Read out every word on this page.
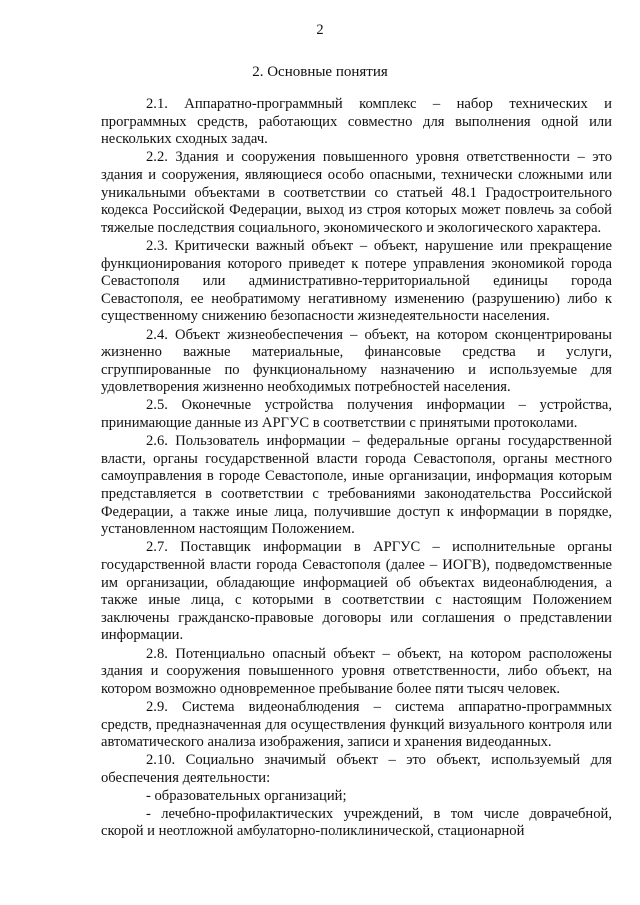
2
2. Основные понятия

2.1. Аппаратно-программный комплекс – набор технических и программных средств, работающих совместно для выполнения одной или нескольких сходных задач.

2.2. Здания и сооружения повышенного уровня ответственности – это здания и сооружения, являющиеся особо опасными, технически сложными или уникальными объектами в соответствии со статьей 48.1 Градостроительного кодекса Российской Федерации, выход из строя которых может повлечь за собой тяжелые последствия социального, экономического и экологического характера.

2.3. Критически важный объект – объект, нарушение или прекращение функционирования которого приведет к потере управления экономикой города Севастополя или административно-территориальной единицы города Севастополя, ее необратимому негативному изменению (разрушению) либо к существенному снижению безопасности жизнедеятельности населения.

2.4. Объект жизнеобеспечения – объект, на котором сконцентрированы жизненно важные материальные, финансовые средства и услуги, сгруппированные по функциональному назначению и используемые для удовлетворения жизненно необходимых потребностей населения.

2.5. Оконечные устройства получения информации – устройства, принимающие данные из АРГУС в соответствии с принятыми протоколами.

2.6. Пользователь информации – федеральные органы государственной власти, органы государственной власти города Севастополя, органы местного самоуправления в городе Севастополе, иные организации, информация которым представляется в соответствии с требованиями законодательства Российской Федерации, а также иные лица, получившие доступ к информации в порядке, установленном настоящим Положением.

2.7. Поставщик информации в АРГУС – исполнительные органы государственной власти города Севастополя (далее – ИОГВ), подведомственные им организации, обладающие информацией об объектах видеонаблюдения, а также иные лица, с которыми в соответствии с настоящим Положением заключены гражданско-правовые договоры или соглашения о представлении информации.

2.8. Потенциально опасный объект – объект, на котором расположены здания и сооружения повышенного уровня ответственности, либо объект, на котором возможно одновременное пребывание более пяти тысяч человек.

2.9. Система видеонаблюдения – система аппаратно-программных средств, предназначенная для осуществления функций визуального контроля или автоматического анализа изображения, записи и хранения видеоданных.

2.10. Социально значимый объект – это объект, используемый для обеспечения деятельности:

- образовательных организаций;

- лечебно-профилактических учреждений, в том числе доврачебной, скорой и неотложной амбулаторно-поликлинической, стационарной
